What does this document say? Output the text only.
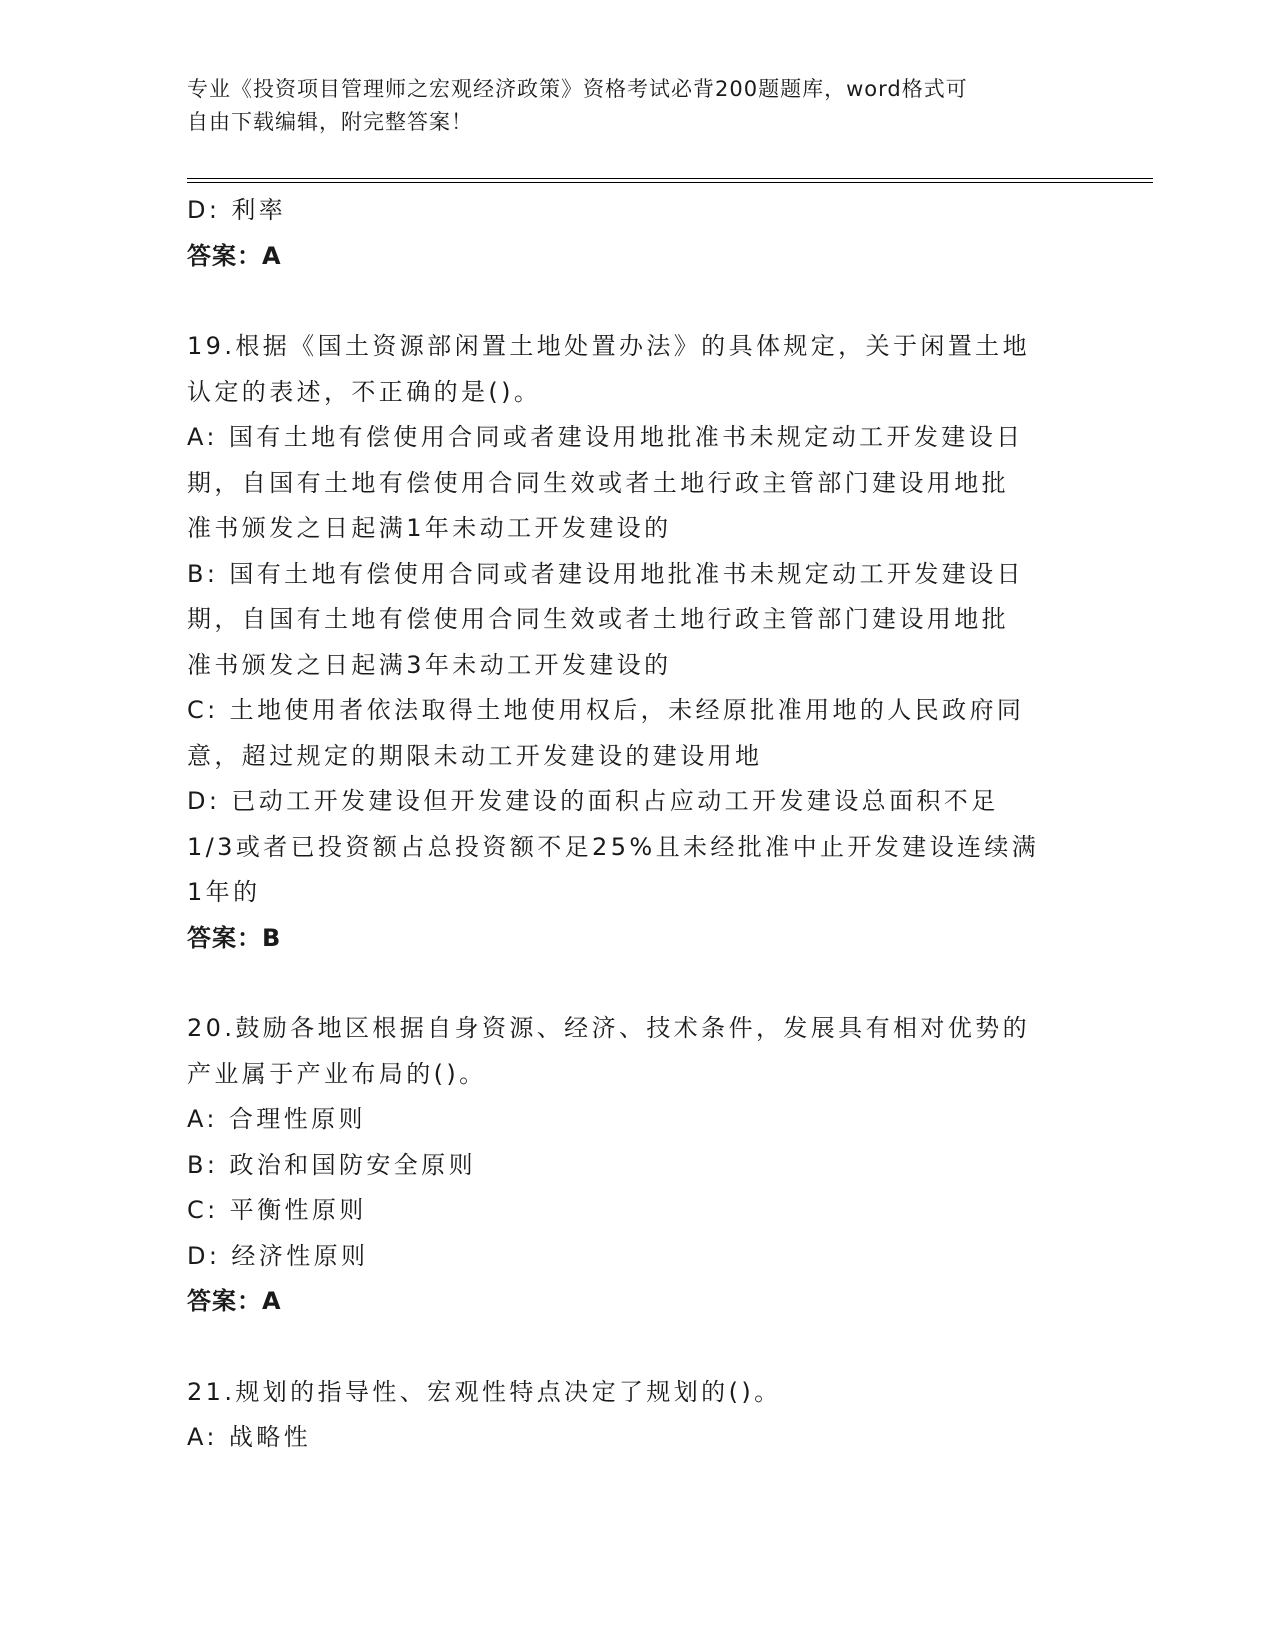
专业《投资项目管理师之宏观经济政策》资格考试必背200题题库，word格式可
自由下载编辑，附完整答案！
D: 利率
答案：A
19.根据《国土资源部闲置土地处置办法》的具体规定，关于闲置土地
认定的表述，不正确的是()。
A: 国有土地有偿使用合同或者建设用地批准书未规定动工开发建设日
期，自国有土地有偿使用合同生效或者土地行政主管部门建设用地批
准书颁发之日起满1年未动工开发建设的
B: 国有土地有偿使用合同或者建设用地批准书未规定动工开发建设日
期，自国有土地有偿使用合同生效或者土地行政主管部门建设用地批
准书颁发之日起满3年未动工开发建设的
C: 土地使用者依法取得土地使用权后，未经原批准用地的人民政府同
意，超过规定的期限未动工开发建设的建设用地
D: 已动工开发建设但开发建设的面积占应动工开发建设总面积不足
1/3或者已投资额占总投资额不足25%且未经批准中止开发建设连续满
1年的
答案：B
20.鼓励各地区根据自身资源、经济、技术条件，发展具有相对优势的
产业属于产业布局的()。
A: 合理性原则
B: 政治和国防安全原则
C: 平衡性原则
D: 经济性原则
答案：A
21.规划的指导性、宏观性特点决定了规划的()。
A: 战略性
